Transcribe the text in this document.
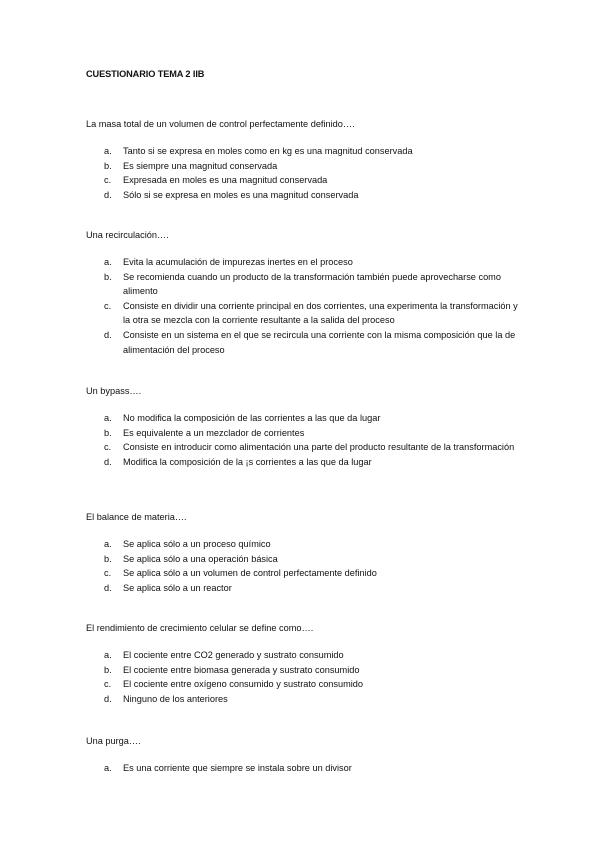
CUESTIONARIO TEMA 2 IIB
La masa total de un volumen de control perfectamente definido….
a.	Tanto si se expresa en moles como en kg es una magnitud conservada
b.	Es siempre una magnitud conservada
c.	Expresada en moles es una magnitud conservada
d.	Sólo si se expresa en moles es una magnitud conservada
Una recirculación….
a.	Evita la acumulación de impurezas inertes en el proceso
b.	Se recomienda cuando un producto de la transformación también puede aprovecharse como alimento
c.	Consiste en dividir una corriente principal en dos corrientes, una experimenta la transformación y la otra se mezcla con la corriente resultante a la salida del proceso
d.	Consiste en un sistema en el que se recircula una corriente con la misma composición que la de alimentación del proceso
Un bypass….
a.	No modifica la composición de las corrientes a las que da lugar
b.	Es equivalente a un mezclador de corrientes
c.	Consiste en introducir como alimentación una parte del producto resultante de la transformación
d.	Modifica la composición de la ¡s corrientes a las que da lugar
El balance de materia….
a.	Se aplica sólo a un proceso químico
b.	Se aplica sólo a una operación básica
c.	Se aplica sólo a un volumen de control perfectamente definido
d.	Se aplica sólo a un reactor
El rendimiento de crecimiento celular se define como….
a.	El cociente entre CO2 generado y sustrato consumido
b.	El cociente entre biomasa generada y sustrato consumido
c.	El cociente entre oxígeno consumido y sustrato consumido
d.	Ninguno de los anteriores
Una purga….
a.	Es una corriente que siempre se instala sobre un divisor
